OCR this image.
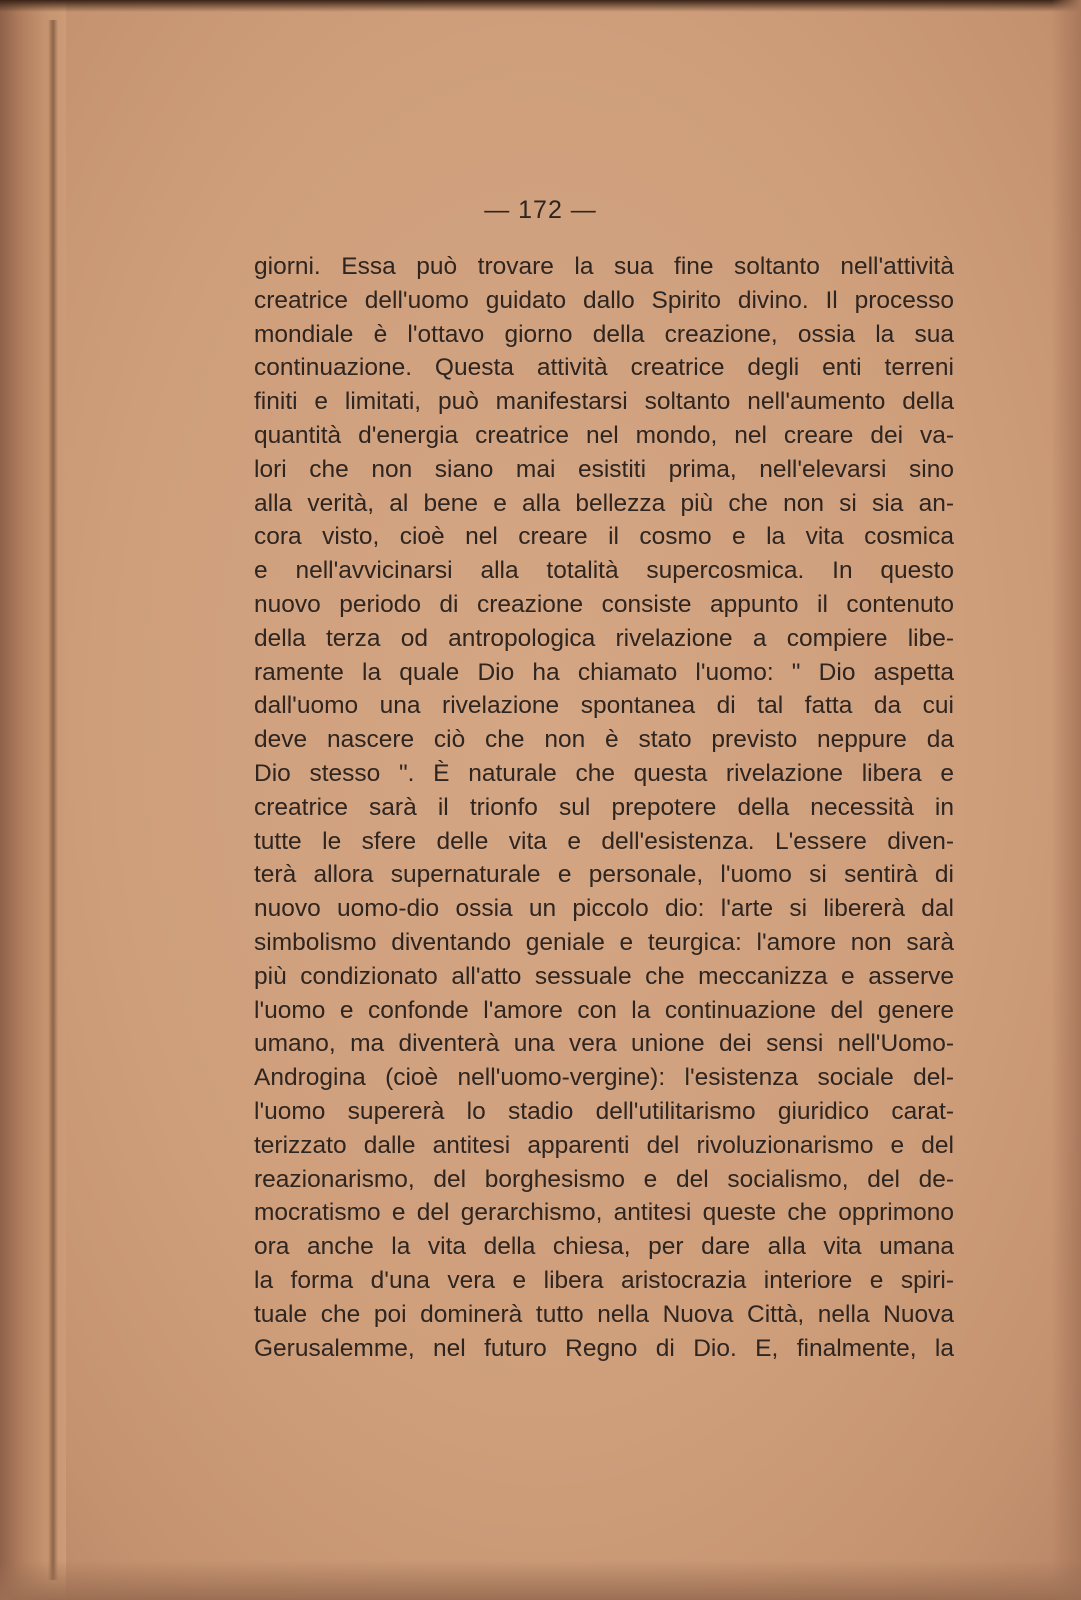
— 172 —
giorni. Essa può trovare la sua fine soltanto nell'attività
creatrice dell'uomo guidato dallo Spirito divino. Il processo
mondiale è l'ottavo giorno della creazione, ossia la sua
continuazione. Questa attività creatrice degli enti terreni
finiti e limitati, può manifestarsi soltanto nell'aumento della
quantità d'energia creatrice nel mondo, nel creare dei va-
lori che non siano mai esistiti prima, nell'elevarsi sino
alla verità, al bene e alla bellezza più che non si sia an-
cora visto, cioè nel creare il cosmo e la vita cosmica
e nell'avvicinarsi alla totalità supercosmica. In questo
nuovo periodo di creazione consiste appunto il contenuto
della terza od antropologica rivelazione a compiere libe-
ramente la quale Dio ha chiamato l'uomo: " Dio aspetta
dall'uomo una rivelazione spontanea di tal fatta da cui
deve nascere ciò che non è stato previsto neppure da
Dio stesso ". È naturale che questa rivelazione libera e
creatrice sarà il trionfo sul prepotere della necessità in
tutte le sfere delle vita e dell'esistenza. L'essere diven-
terà allora supernaturale e personale, l'uomo si sentirà di
nuovo uomo-dio ossia un piccolo dio: l'arte si libererà dal
simbolismo diventando geniale e teurgica: l'amore non sarà
più condizionato all'atto sessuale che meccanizza e asserve
l'uomo e confonde l'amore con la continuazione del genere
umano, ma diventerà una vera unione dei sensi nell'Uomo-
Androgina (cioè nell'uomo-vergine): l'esistenza sociale del-
l'uomo supererà lo stadio dell'utilitarismo giuridico carat-
terizzato dalle antitesi apparenti del rivoluzionarismo e del
reazionarismo, del borghesismo e del socialismo, del de-
mocratismo e del gerarchismo, antitesi queste che opprimono
ora anche la vita della chiesa, per dare alla vita umana
la forma d'una vera e libera aristocrazia interiore e spiri-
tuale che poi dominerà tutto nella Nuova Città, nella Nuova
Gerusalemme, nel futuro Regno di Dio. E, finalmente, la
